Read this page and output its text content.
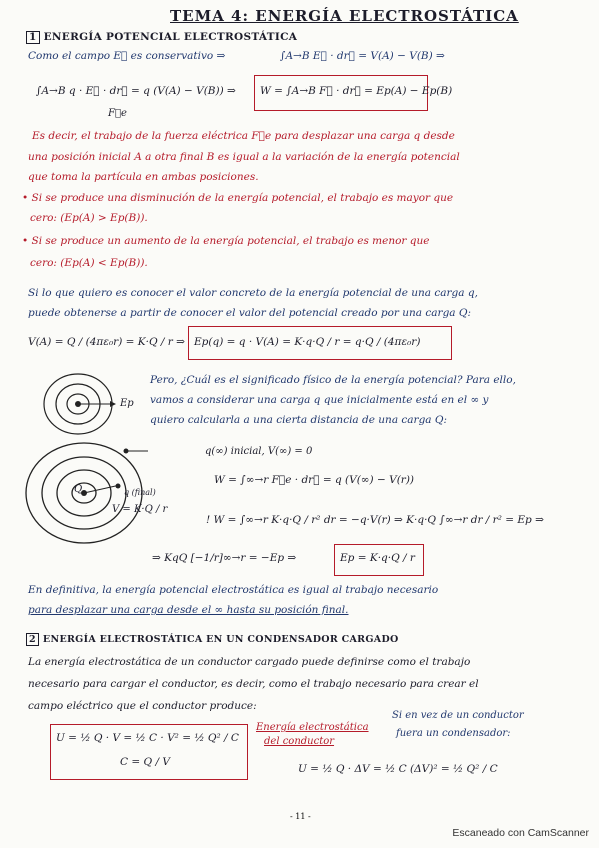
TEMA 4: ENERGÍA ELECTROSTÁTICA
1 ENERGÍA POTENCIAL ELECTROSTÁTICA
Como el campo E⃗ es conservativo ⇒	∫A→B E⃗ · dr⃗ = V(A) − V(B) ⇒
∫A→B q · E⃗ · dr⃗ = q (V(A) − V(B)) ⇒
F⃗e
W = ∫A→B F⃗ · dr⃗ = Ep(A) − Ep(B)
Es decir, el trabajo de la fuerza eléctrica F⃗e para desplazar una carga q desde
una posición inicial A a otra final B es igual a la variación de la energía potencial
que toma la partícula en ambas posiciones.
• Si se produce una disminución de la energía potencial, el trabajo es mayor que
cero: (Ep(A) > Ep(B)).
• Si se produce un aumento de la energía potencial, el trabajo es menor que
cero: (Ep(A) < Ep(B)).
Si lo que quiero es conocer el valor concreto de la energía potencial de una carga q,
puede obtenerse a partir de conocer el valor del potencial creado por una carga Q:
V(A) = Q / (4πε₀r) = K·Q / r ⇒ Ep(q) = q · V(A) = K·q·Q / r = q·Q / (4πε₀r)
Ep
Pero, ¿Cuál es el significado físico de la energía potencial? Para ello,
vamos a considerar una carga q que inicialmente está en el ∞ y
quiero calcularla a una cierta distancia de una carga Q:
Q	q (final)
q(∞) inicial, V(∞) = 0
V = K·Q / r
W = ∫∞→r F⃗e · dr⃗ = q (V(∞) − V(r))
! W = ∫∞→r K·q·Q / r² dr = −q·V(r) ⇒ K·q·Q ∫∞→r dr / r² = Ep ⇒
⇒ KqQ [−1/r]∞→r = −Ep ⇒	Ep = K·q·Q / r
En definitiva, la energía potencial electrostática es igual al trabajo necesario
para desplazar una carga desde el ∞ hasta su posición final.
2 ENERGÍA ELECTROSTÁTICA EN UN CONDENSADOR CARGADO
La energía electrostática de un conductor cargado puede definirse como el trabajo
necesario para cargar el conductor, es decir, como el trabajo necesario para crear el
campo eléctrico que el conductor produce:
U = ½ Q · V = ½ C · V² = ½ Q² / C
C = Q / V
Energía electrostática
del conductor
Si en vez de un conductor
fuera un condensador:
U = ½ Q · ΔV = ½ C (ΔV)² = ½ Q² / C
- 11 -
Escaneado con CamScanner
